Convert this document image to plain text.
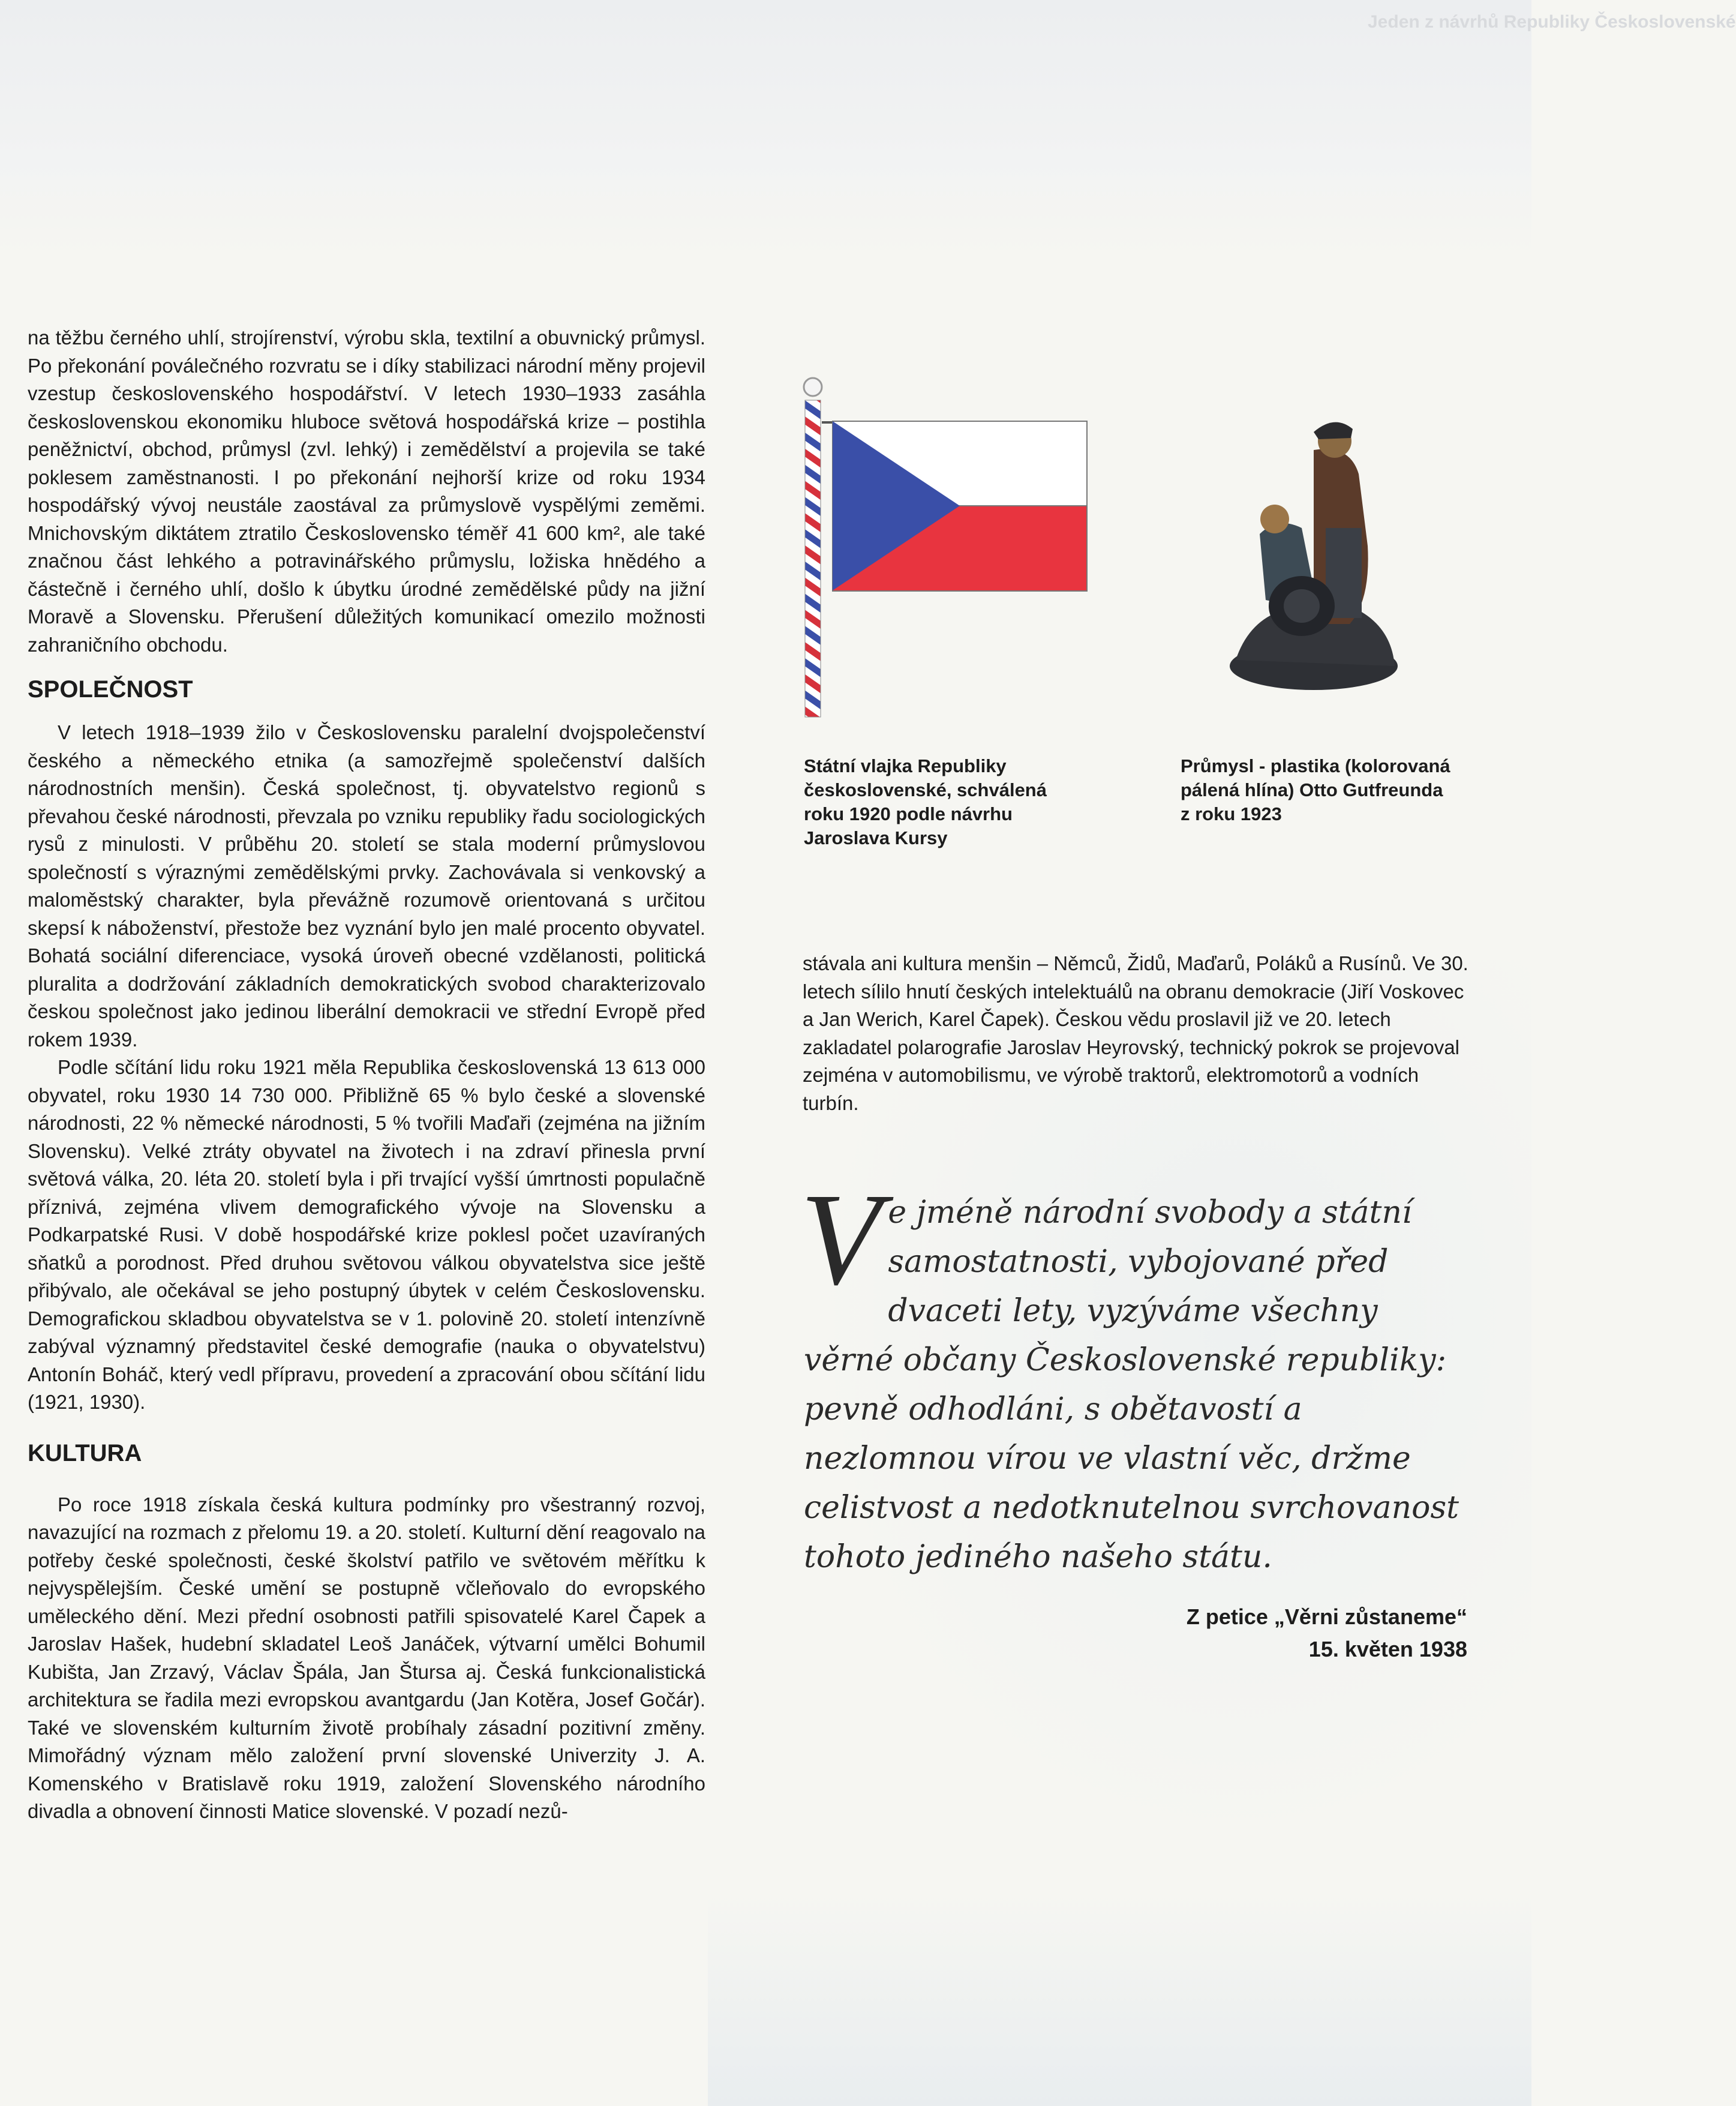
Jeden z návrhů Republiky Československé

na těžbu černého uhlí, strojírenství, výrobu skla, textilní a obuvnický průmysl. Po překonání poválečného rozvratu se i díky stabilizaci národní měny projevil vzestup československého hospodářství. V letech 1930–1933 zasáhla československou ekonomiku hluboce světová hospodářská krize – postihla peněžnictví, obchod, průmysl (zvl. lehký) i zemědělství a projevila se také poklesem zaměstnanosti. I po překonání nejhorší krize od roku 1934 hospodářský vývoj neustále zaostával za průmyslově vyspělými zeměmi. Mnichovským diktátem ztratilo Československo téměř 41 600 km², ale také značnou část lehkého a potravinářského průmyslu, ložiska hnědého a částečně i černého uhlí, došlo k úbytku úrodné zemědělské půdy na jižní Moravě a Slovensku. Přerušení důležitých komunikací omezilo možnosti zahraničního obchodu.

SPOLEČNOST

V letech 1918–1939 žilo v Československu paralelní dvojspolečenství českého a německého etnika (a samozřejmě společenství dalších národnostních menšin). Česká společnost, tj. obyvatelstvo regionů s převahou české národnosti, převzala po vzniku republiky řadu sociologických rysů z minulosti. V průběhu 20. století se stala moderní průmyslovou společností s výraznými zemědělskými prvky. Zachovávala si venkovský a maloměstský charakter, byla převážně rozumově orientovaná s určitou skepsí k náboženství, přestože bez vyznání bylo jen malé procento obyvatel. Bohatá sociální diferenciace, vysoká úroveň obecné vzdělanosti, politická pluralita a dodržování základních demokratických svobod charakterizovalo českou společnost jako jedinou liberální demokracii ve střední Evropě před rokem 1939.

Podle sčítání lidu roku 1921 měla Republika československá 13 613 000 obyvatel, roku 1930 14 730 000. Přibližně 65 % bylo české a slovenské národnosti, 22 % německé národnosti, 5 % tvořili Maďaři (zejména na jižním Slovensku). Velké ztráty obyvatel na životech i na zdraví přinesla první světová válka, 20. léta 20. století byla i při trvající vyšší úmrtnosti populačně příznivá, zejména vlivem demografického vývoje na Slovensku a Podkarpatské Rusi. V době hospodářské krize poklesl počet uzavíraných sňatků a porodnost. Před druhou světovou válkou obyvatelstva sice ještě přibývalo, ale očekával se jeho postupný úbytek v celém Československu. Demografickou skladbou obyvatelstva se v 1. polovině 20. století intenzívně zabýval významný představitel české demografie (nauka o obyvatelstvu) Antonín Boháč, který vedl přípravu, provedení a zpracování obou sčítání lidu (1921, 1930).

KULTURA

Po roce 1918 získala česká kultura podmínky pro všestranný rozvoj, navazující na rozmach z přelomu 19. a 20. století. Kulturní dění reagovalo na potřeby české společnosti, české školství patřilo ve světovém měřítku k nejvyspělejším. České umění se postupně včleňovalo do evropského uměleckého dění. Mezi přední osobnosti patřili spisovatelé Karel Čapek a Jaroslav Hašek, hudební skladatel Leoš Janáček, výtvarní umělci Bohumil Kubišta, Jan Zrzavý, Václav Špála, Jan Štursa aj. Česká funkcionalistická architektura se řadila mezi evropskou avantgardu (Jan Kotěra, Josef Gočár). Také ve slovenském kulturním životě probíhaly zásadní pozitivní změny. Mimořádný význam mělo založení první slovenské Univerzity J. A. Komenského v Bratislavě roku 1919, založení Slovenského národního divadla a obnovení činnosti Matice slovenské. V pozadí nezů-

Státní vlajka Republiky
československé, schválená
roku 1920 podle návrhu
Jaroslava Kursy
Průmysl - plastika (kolorovaná
pálená hlína) Otto Gutfreunda
z roku 1923

stávala ani kultura menšin – Němců, Židů, Maďarů, Poláků a Rusínů. Ve 30. letech sílilo hnutí českých intelektuálů na obranu demokracie (Jiří Voskovec a Jan Werich, Karel Čapek). Českou vědu proslavil již ve 20. letech zakladatel polarografie Jaroslav Heyrovský, technický pokrok se projevoval zejména v automobilismu, ve výrobě traktorů, elektromotorů a vodních turbín.

V e jméně národní svobody a státní samostatnosti, vybojované před dvaceti lety, vyzýváme všechny věrné občany Československé republiky: pevně odhodláni, s obětavostí a nezlomnou vírou ve vlastní věc, držme celistvost a nedotknutelnou svrchovanost tohoto jediného našeho státu.
Z petice „Věrni zůstaneme“
15. květen 1938
